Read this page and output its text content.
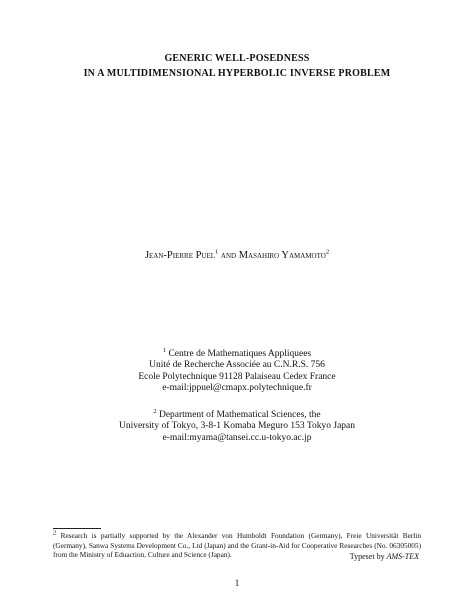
GENERIC WELL-POSEDNESS
IN A MULTIDIMENSIONAL HYPERBOLIC INVERSE PROBLEM
Jean-Pierre Puel$^1$ and Masahiro Yamamoto$^2$
$^1$ Centre de Mathematiques Appliquees
Unité de Recherche Associée au C.N.R.S. 756
Ecole Polytechnique 91128 Palaiseau Cedex France
e-mail:jppuel@cmapx.polytechnique.fr
$^2$ Department of Mathematical Sciences, the
University of Tokyo, 3-8-1 Komaba Meguro 153 Tokyo Japan
e-mail:myama@tansei.cc.u-tokyo.ac.jp
$^2$ Research is partially supported by the Alexander von Humboldt Foundation (Germany), Freie Universität Berlin (Germany), Sanwa Systems Development Co., Ltd (Japan) and the Grant-in-Aid for Cooperative Researches (No. 06305005) from the Ministry of Eduaction, Culture and Science (Japan).	Typeset by AMS-TEX
1
